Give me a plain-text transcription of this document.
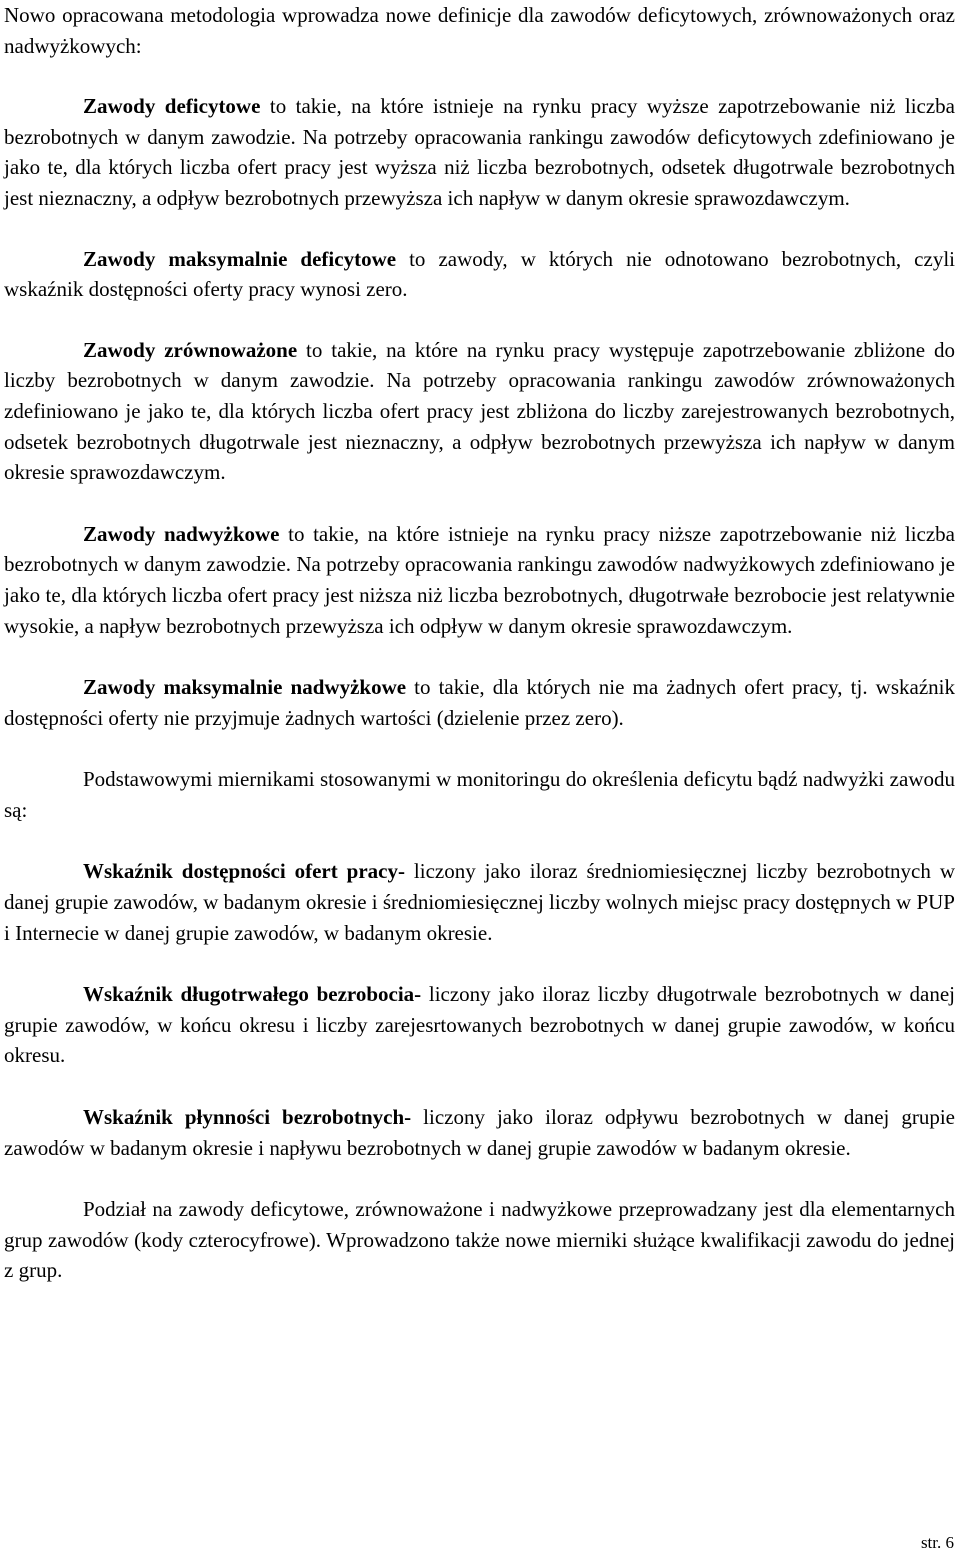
Nowo opracowana metodologia wprowadza nowe definicje dla zawodów deficytowych, zrównoważonych oraz nadwyżkowych:

Zawody deficytowe to takie, na które istnieje na rynku pracy wyższe zapotrzebowanie niż liczba bezrobotnych w danym zawodzie. Na potrzeby opracowania rankingu zawodów deficytowych zdefiniowano je jako te, dla których liczba ofert pracy jest wyższa niż liczba bezrobotnych, odsetek długotrwale bezrobotnych jest nieznaczny, a odpływ bezrobotnych przewyższa ich napływ w danym okresie sprawozdawczym.

Zawody maksymalnie deficytowe to zawody, w których nie odnotowano bezrobotnych, czyli wskaźnik dostępności oferty pracy wynosi zero.

Zawody zrównoważone to takie, na które na rynku pracy występuje zapotrzebowanie zbliżone do liczby bezrobotnych w danym zawodzie. Na potrzeby opracowania rankingu zawodów zrównoważonych zdefiniowano je jako te, dla których liczba ofert pracy jest zbliżona do liczby zarejestrowanych bezrobotnych, odsetek bezrobotnych długotrwale jest nieznaczny, a odpływ bezrobotnych przewyższa ich napływ w danym okresie sprawozdawczym.

Zawody nadwyżkowe to takie, na które istnieje na rynku pracy niższe zapotrzebowanie niż liczba bezrobotnych w danym zawodzie. Na potrzeby opracowania rankingu zawodów nadwyżkowych zdefiniowano je jako te, dla których liczba ofert pracy jest niższa niż liczba bezrobotnych, długotrwałe bezrobocie jest relatywnie wysokie, a napływ bezrobotnych przewyższa ich odpływ w danym okresie sprawozdawczym.

Zawody maksymalnie nadwyżkowe to takie, dla których nie ma żadnych ofert pracy, tj. wskaźnik dostępności oferty nie przyjmuje żadnych wartości (dzielenie przez zero).

Podstawowymi miernikami stosowanymi w monitoringu do określenia deficytu bądź nadwyżki zawodu są:

Wskaźnik dostępności ofert pracy- liczony jako iloraz średniomiesięcznej liczby bezrobotnych w danej grupie zawodów, w badanym okresie i średniomiesięcznej liczby wolnych miejsc pracy dostępnych w PUP i Internecie w danej grupie zawodów, w badanym okresie.

Wskaźnik długotrwałego bezrobocia- liczony jako iloraz liczby długotrwale bezrobotnych w danej grupie zawodów, w końcu okresu i liczby zarejesrtowanych bezrobotnych w danej grupie zawodów, w końcu okresu.

Wskaźnik płynności bezrobotnych- liczony jako iloraz odpływu bezrobotnych w danej grupie zawodów w badanym okresie i napływu bezrobotnych w danej grupie zawodów w badanym okresie.

Podział na zawody deficytowe, zrównoważone i nadwyżkowe przeprowadzany jest dla elementarnych grup zawodów (kody czterocyfrowe). Wprowadzono także nowe mierniki służące kwalifikacji zawodu do jednej z grup.

str. 6
